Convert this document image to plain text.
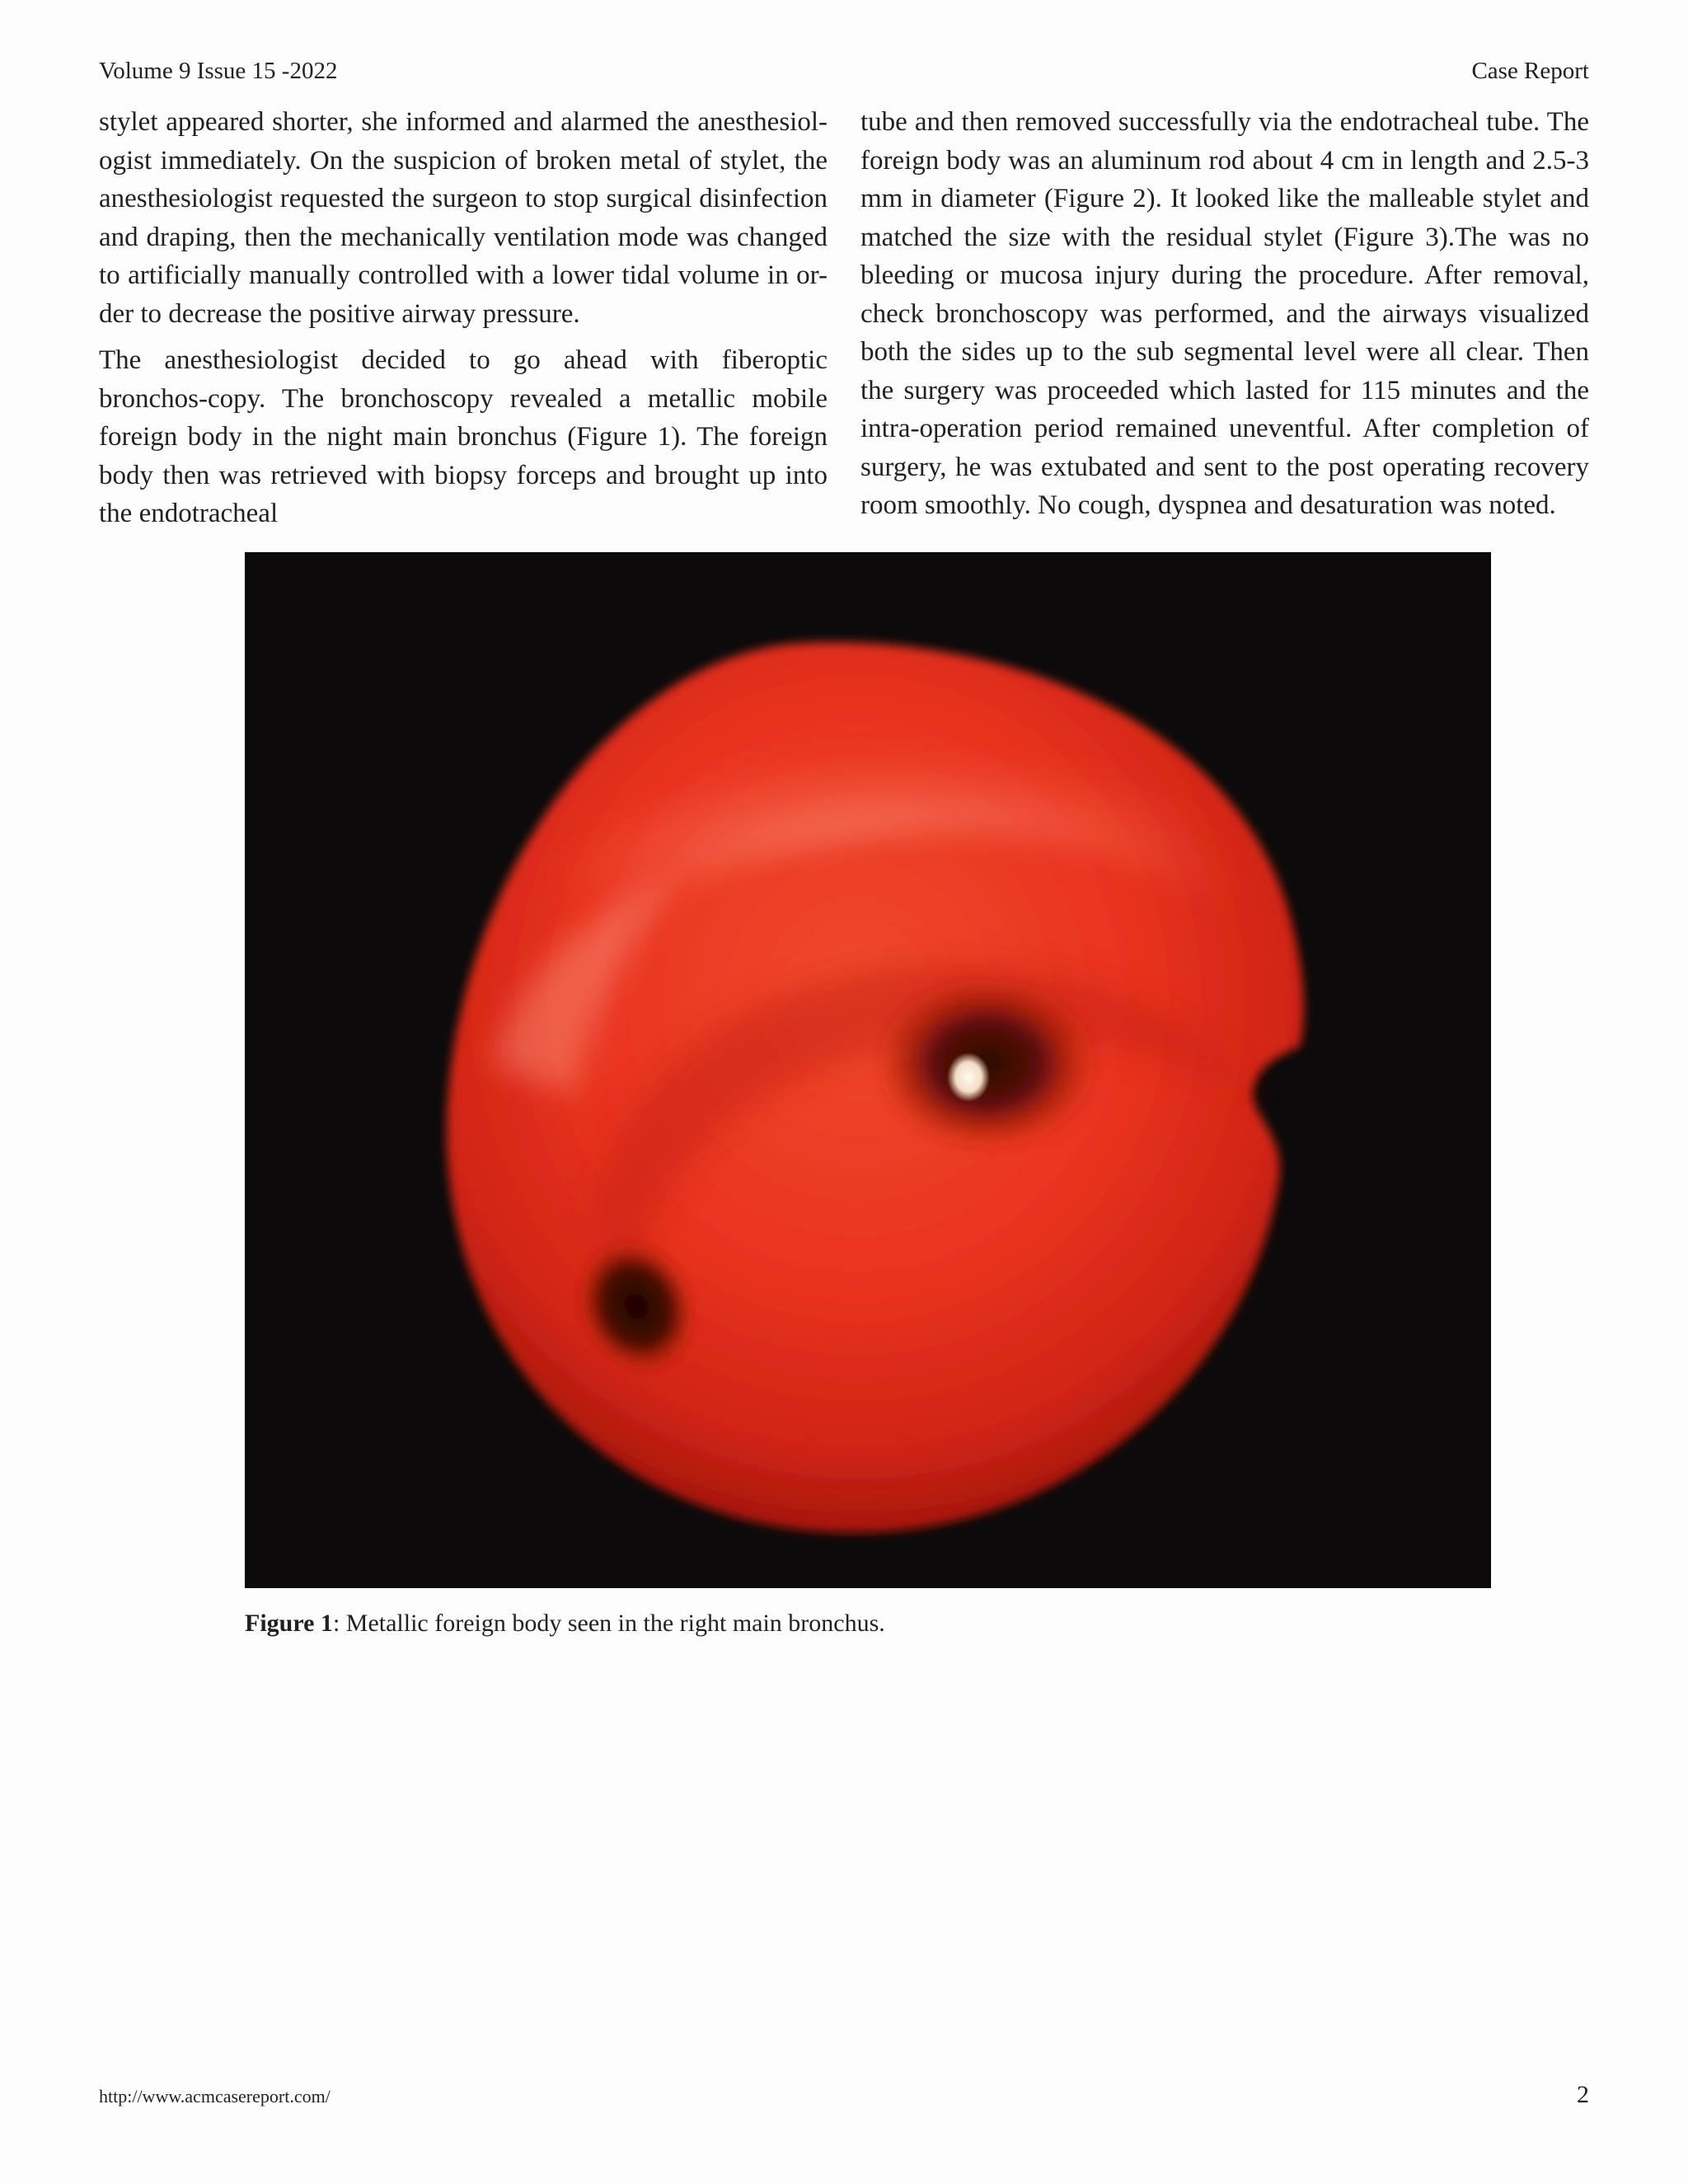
Volume 9 Issue 15 -2022	Case Report

stylet appeared shorter, she informed and alarmed the anesthesiol-ogist immediately. On the suspicion of broken metal of stylet, the anesthesiologist requested the surgeon to stop surgical disinfection and draping, then the mechanically ventilation mode was changed to artificially manually controlled with a lower tidal volume in or-der to decrease the positive airway pressure.

The anesthesiologist decided to go ahead with fiberoptic bronchos-copy. The bronchoscopy revealed a metallic mobile foreign body in the night main bronchus (Figure 1). The foreign body then was retrieved with biopsy forceps and brought up into the endotracheal

tube and then removed successfully via the endotracheal tube. The foreign body was an aluminum rod about 4 cm in length and 2.5-3 mm in diameter (Figure 2). It looked like the malleable stylet and matched the size with the residual stylet (Figure 3).The was no bleeding or mucosa injury during the procedure. After removal, check bronchoscopy was performed, and the airways visualized both the sides up to the sub segmental level were all clear. Then the surgery was proceeded which lasted for 115 minutes and the intra-operation period remained uneventful. After completion of surgery, he was extubated and sent to the post operating recovery room smoothly. No cough, dyspnea and desaturation was noted.

Figure 1: Metallic foreign body seen in the right main bronchus.
http://www.acmcasereport.com/	2
